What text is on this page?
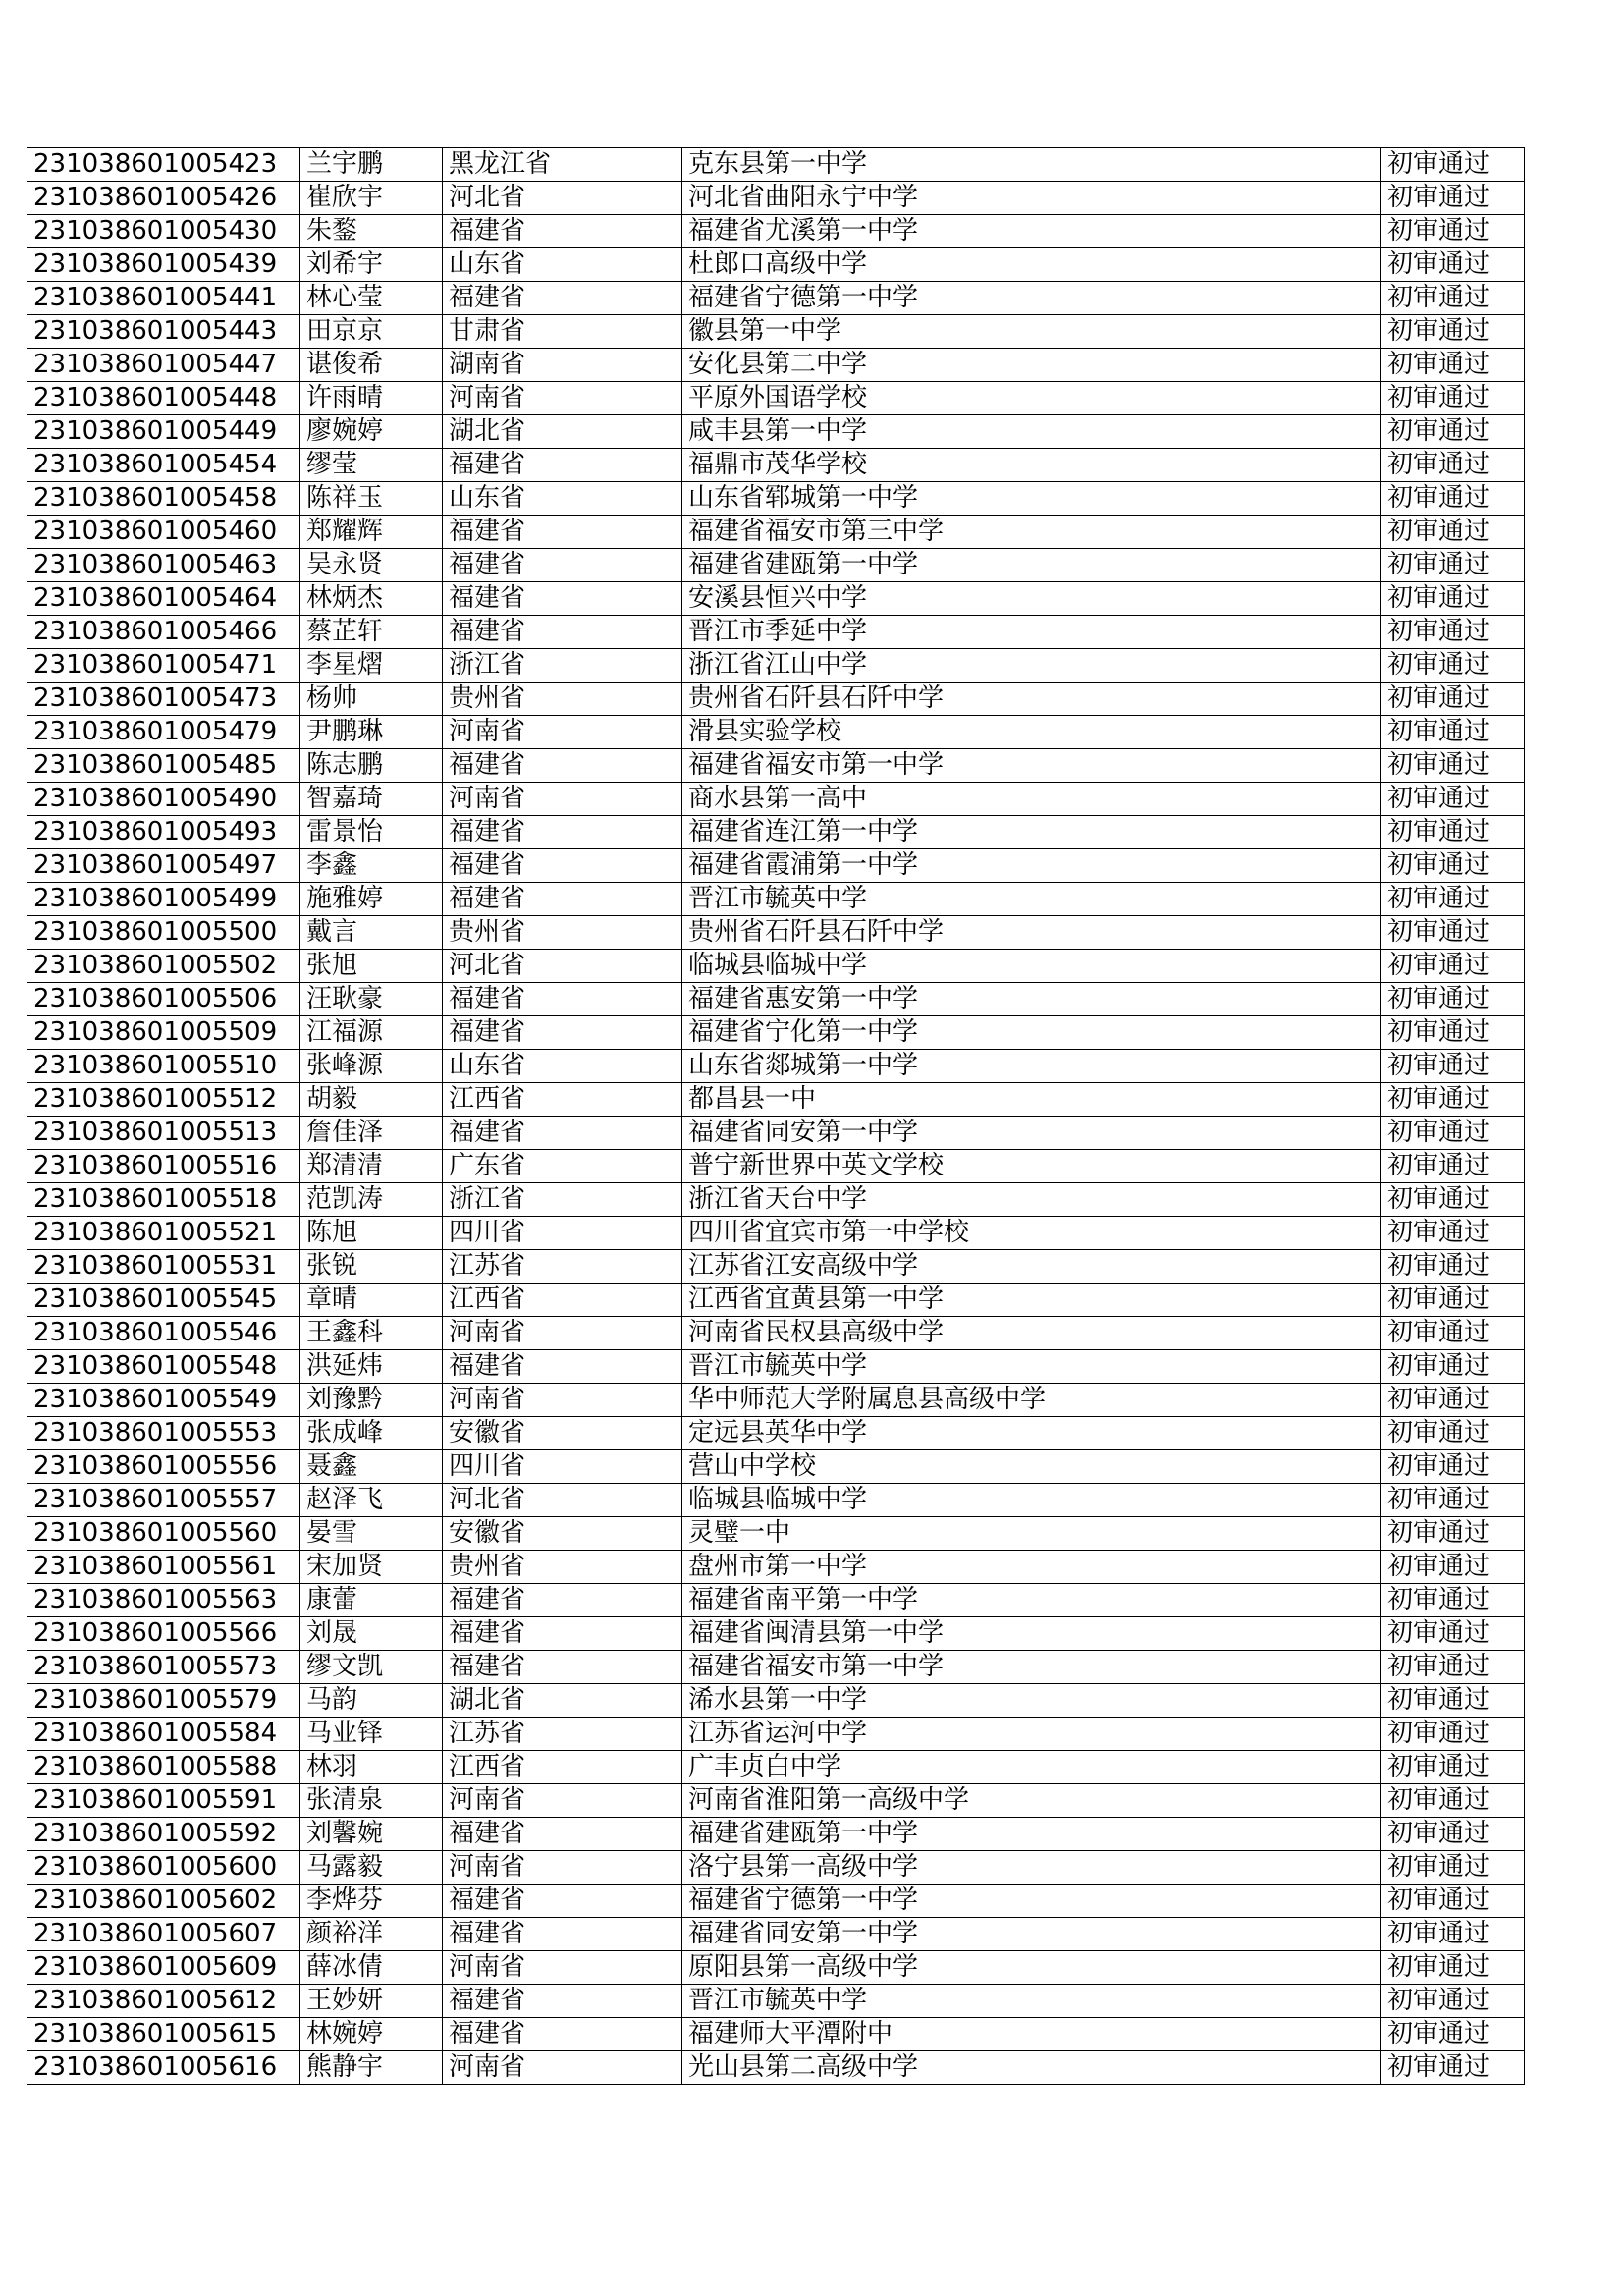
231038601005423	兰宇鹏	黑龙江省	克东县第一中学	初审通过
231038601005426	崔欣宇	河北省	河北省曲阳永宁中学	初审通过
231038601005430	朱鍪	福建省	福建省尤溪第一中学	初审通过
231038601005439	刘希宇	山东省	杜郎口高级中学	初审通过
231038601005441	林心莹	福建省	福建省宁德第一中学	初审通过
231038601005443	田京京	甘肃省	徽县第一中学	初审通过
231038601005447	谌俊希	湖南省	安化县第二中学	初审通过
231038601005448	许雨晴	河南省	平原外国语学校	初审通过
231038601005449	廖婉婷	湖北省	咸丰县第一中学	初审通过
231038601005454	缪莹	福建省	福鼎市茂华学校	初审通过
231038601005458	陈祥玉	山东省	山东省郓城第一中学	初审通过
231038601005460	郑耀辉	福建省	福建省福安市第三中学	初审通过
231038601005463	吴永贤	福建省	福建省建瓯第一中学	初审通过
231038601005464	林炳杰	福建省	安溪县恒兴中学	初审通过
231038601005466	蔡芷轩	福建省	晋江市季延中学	初审通过
231038601005471	李星熠	浙江省	浙江省江山中学	初审通过
231038601005473	杨帅	贵州省	贵州省石阡县石阡中学	初审通过
231038601005479	尹鹏琳	河南省	滑县实验学校	初审通过
231038601005485	陈志鹏	福建省	福建省福安市第一中学	初审通过
231038601005490	智嘉琦	河南省	商水县第一高中	初审通过
231038601005493	雷景怡	福建省	福建省连江第一中学	初审通过
231038601005497	李鑫	福建省	福建省霞浦第一中学	初审通过
231038601005499	施雅婷	福建省	晋江市毓英中学	初审通过
231038601005500	戴言	贵州省	贵州省石阡县石阡中学	初审通过
231038601005502	张旭	河北省	临城县临城中学	初审通过
231038601005506	汪耿豪	福建省	福建省惠安第一中学	初审通过
231038601005509	江福源	福建省	福建省宁化第一中学	初审通过
231038601005510	张峰源	山东省	山东省郯城第一中学	初审通过
231038601005512	胡毅	江西省	都昌县一中	初审通过
231038601005513	詹佳泽	福建省	福建省同安第一中学	初审通过
231038601005516	郑清清	广东省	普宁新世界中英文学校	初审通过
231038601005518	范凯涛	浙江省	浙江省天台中学	初审通过
231038601005521	陈旭	四川省	四川省宜宾市第一中学校	初审通过
231038601005531	张锐	江苏省	江苏省江安高级中学	初审通过
231038601005545	章晴	江西省	江西省宜黄县第一中学	初审通过
231038601005546	王鑫科	河南省	河南省民权县高级中学	初审通过
231038601005548	洪延炜	福建省	晋江市毓英中学	初审通过
231038601005549	刘豫黔	河南省	华中师范大学附属息县高级中学	初审通过
231038601005553	张成峰	安徽省	定远县英华中学	初审通过
231038601005556	聂鑫	四川省	营山中学校	初审通过
231038601005557	赵泽飞	河北省	临城县临城中学	初审通过
231038601005560	晏雪	安徽省	灵璧一中	初审通过
231038601005561	宋加贤	贵州省	盘州市第一中学	初审通过
231038601005563	康蕾	福建省	福建省南平第一中学	初审通过
231038601005566	刘晟	福建省	福建省闽清县第一中学	初审通过
231038601005573	缪文凯	福建省	福建省福安市第一中学	初审通过
231038601005579	马韵	湖北省	浠水县第一中学	初审通过
231038601005584	马业铎	江苏省	江苏省运河中学	初审通过
231038601005588	林羽	江西省	广丰贞白中学	初审通过
231038601005591	张清泉	河南省	河南省淮阳第一高级中学	初审通过
231038601005592	刘馨婉	福建省	福建省建瓯第一中学	初审通过
231038601005600	马露毅	河南省	洛宁县第一高级中学	初审通过
231038601005602	李烨芬	福建省	福建省宁德第一中学	初审通过
231038601005607	颜裕洋	福建省	福建省同安第一中学	初审通过
231038601005609	薛冰倩	河南省	原阳县第一高级中学	初审通过
231038601005612	王妙妍	福建省	晋江市毓英中学	初审通过
231038601005615	林婉婷	福建省	福建师大平潭附中	初审通过
231038601005616	熊静宇	河南省	光山县第二高级中学	初审通过
